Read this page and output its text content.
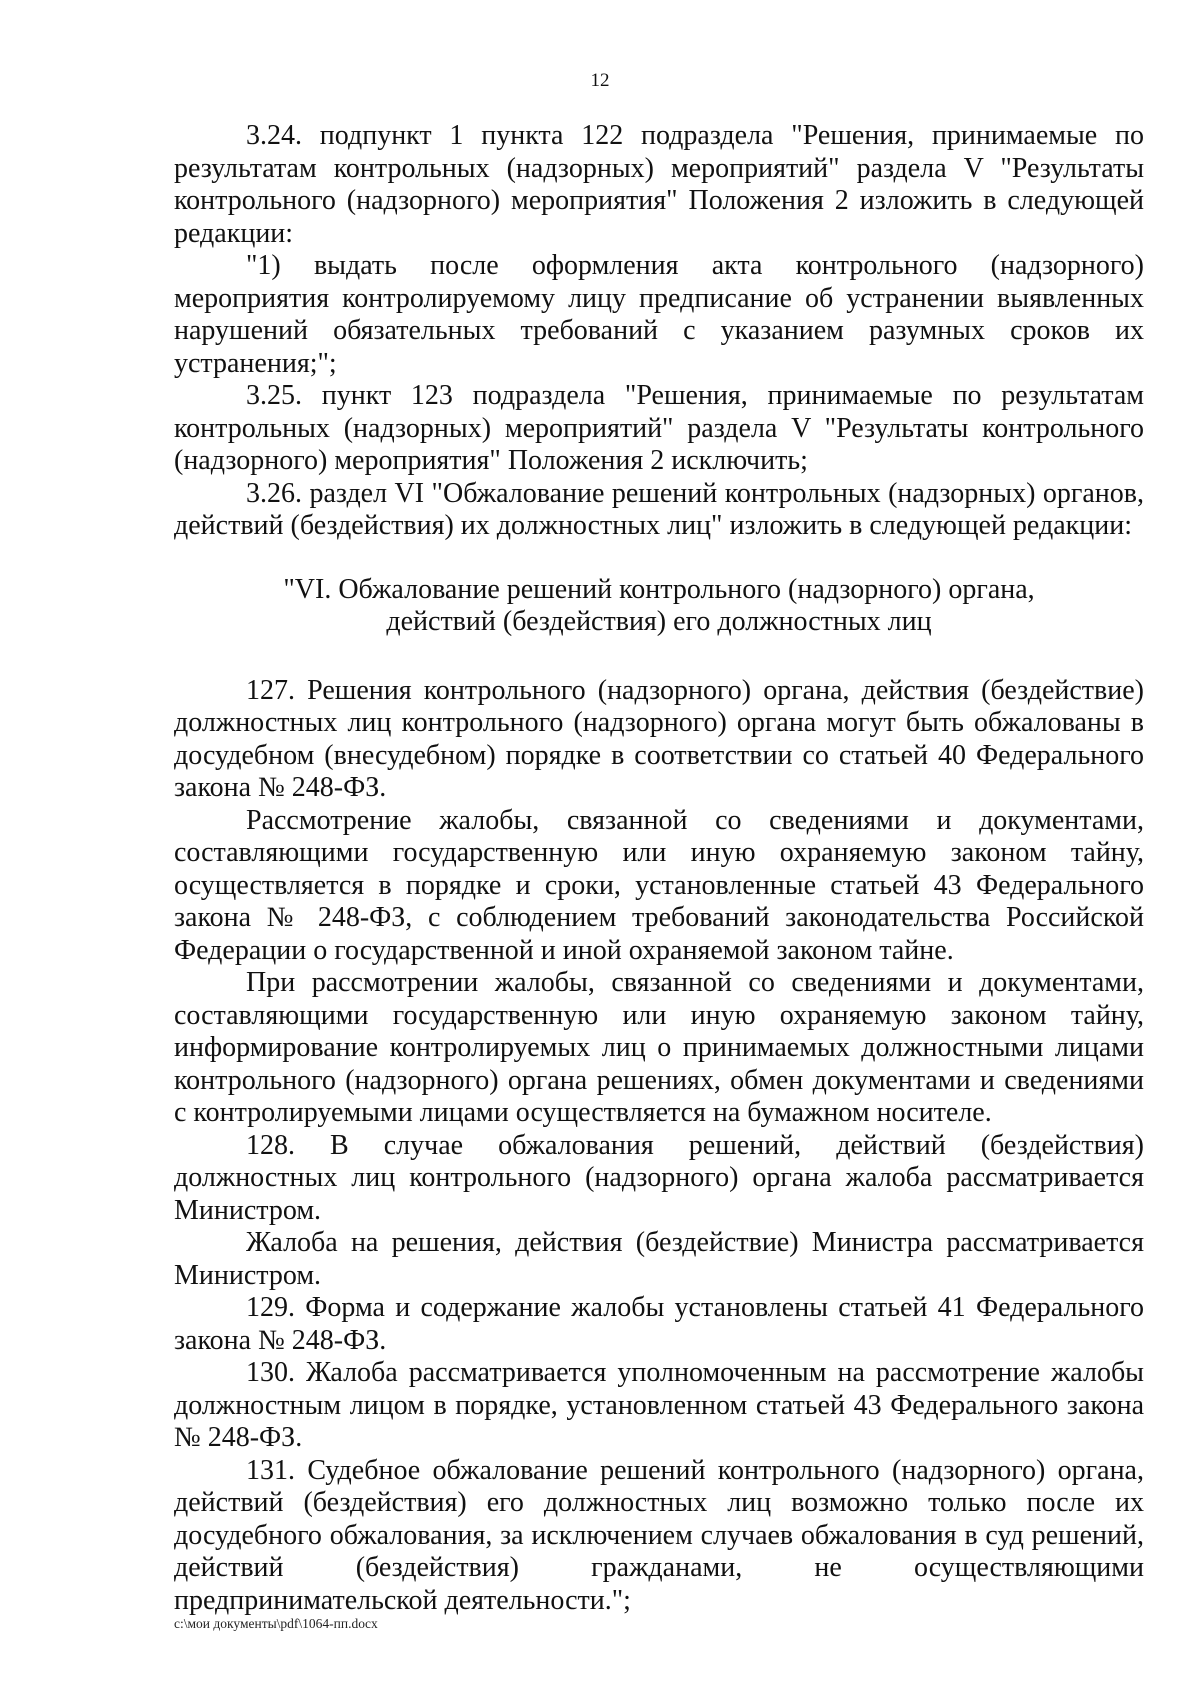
12

3.24. подпункт 1 пункта 122 подраздела "Решения, принимаемые по результатам контрольных (надзорных) мероприятий" раздела V "Результаты контрольного (надзорного) мероприятия" Положения 2 изложить в следующей редакции:

"1) выдать после оформления акта контрольного (надзорного) мероприятия контролируемому лицу предписание об устранении выявленных нарушений обязательных требований с указанием разумных сроков их устранения;";

3.25. пункт 123 подраздела "Решения, принимаемые по результатам контрольных (надзорных) мероприятий" раздела V "Результаты контрольного (надзорного) мероприятия" Положения 2 исключить;

3.26. раздел VI "Обжалование решений контрольных (надзорных) органов, действий (бездействия) их должностных лиц" изложить в следующей редакции:

"VI. Обжалование решений контрольного (надзорного) органа,
действий (бездействия) его должностных лиц

127. Решения контрольного (надзорного) органа, действия (бездействие) должностных лиц контрольного (надзорного) органа могут быть обжалованы в досудебном (внесудебном) порядке в соответствии со статьей 40 Федерального закона № 248-ФЗ.

Рассмотрение жалобы, связанной со сведениями и документами, составляющими государственную или иную охраняемую законом тайну, осуществляется в порядке и сроки, установленные статьей 43 Федерального закона № 248-ФЗ, с соблюдением требований законодательства Российской Федерации о государственной и иной охраняемой законом тайне.

При рассмотрении жалобы, связанной со сведениями и документами, составляющими государственную или иную охраняемую законом тайну, информирование контролируемых лиц о принимаемых должностными лицами контрольного (надзорного) органа решениях, обмен документами и сведениями с контролируемыми лицами осуществляется на бумажном носителе.

128. В случае обжалования решений, действий (бездействия) должностных лиц контрольного (надзорного) органа жалоба рассматривается Министром.

Жалоба на решения, действия (бездействие) Министра рассматривается Министром.

129. Форма и содержание жалобы установлены статьей 41 Федерального закона № 248-ФЗ.

130. Жалоба рассматривается уполномоченным на рассмотрение жалобы должностным лицом в порядке, установленном статьей 43 Федерального закона № 248-ФЗ.

131. Судебное обжалование решений контрольного (надзорного) органа, действий (бездействия) его должностных лиц возможно только после их досудебного обжалования, за исключением случаев обжалования в суд решений, действий (бездействия) гражданами, не осуществляющими предпринимательской деятельности.";

c:\мои документы\pdf\1064-пп.docx
